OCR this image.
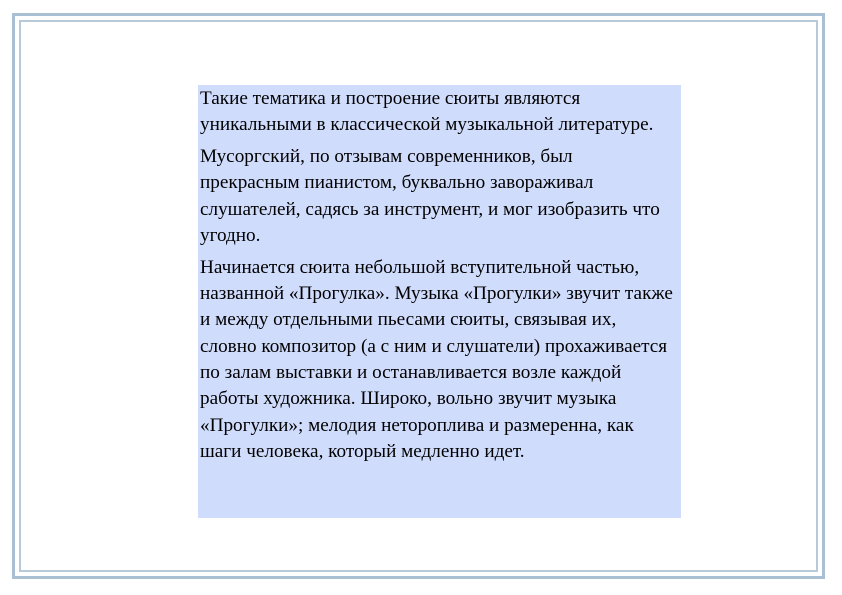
Такие тематика и построение сюиты являются уникальными в классической музыкальной литературе.

Мусоргский, по отзывам современников, был прекрасным пианистом, буквально завораживал слушателей, садясь за инструмент, и мог изобразить что угодно.

Начинается сюита небольшой вступительной частью, названной «Прогулка». Музыка «Прогулки» звучит также и между отдельными пьесами сюиты, связывая их, словно композитор (а с ним и слушатели) прохаживается по залам выставки и останавливается возле каждой работы художника. Широко, вольно звучит музыка «Прогулки»; мелодия нетороплива и размеренна, как шаги человека, который медленно идет.
